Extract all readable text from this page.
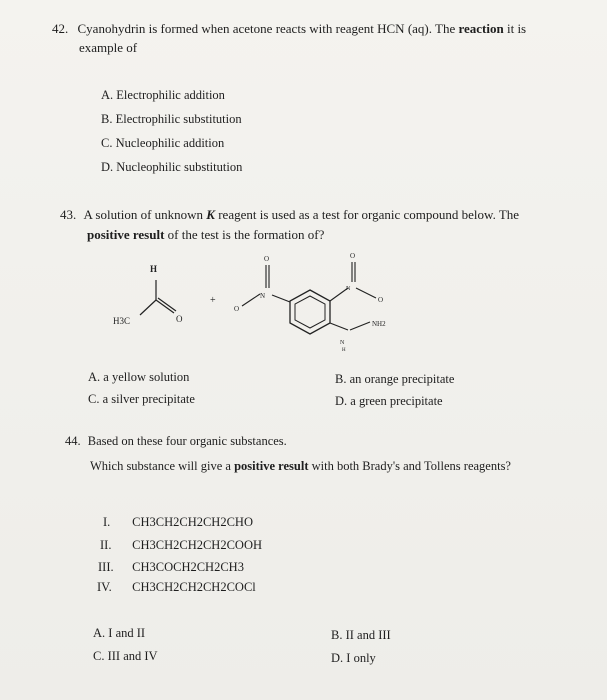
42. Cyanohydrin is formed when acetone reacts with reagent HCN (aq). The reaction it is
example of
A. Electrophilic addition
B. Electrophilic substitution
C. Nucleophilic addition
D. Nucleophilic substitution
43. A solution of unknown K reagent is used as a test for organic compound below. The
positive result of the test is the formation of?
H
H3C	O
+
O
N
O	O
N
O
N
H
NH2
A. a yellow solution	B. an orange precipitate
C. a silver precipitate	D. a green precipitate
44. Based on these four organic substances.
Which substance will give a positive result with both Brady's and Tollens reagents?
I. CH3CH2CH2CH2CHO
II. CH3CH2CH2CH2COOH
III. CH3COCH2CH2CH3
IV. CH3CH2CH2CH2COCl
A. I and II	B. II and III
C. III and IV	D. I only
